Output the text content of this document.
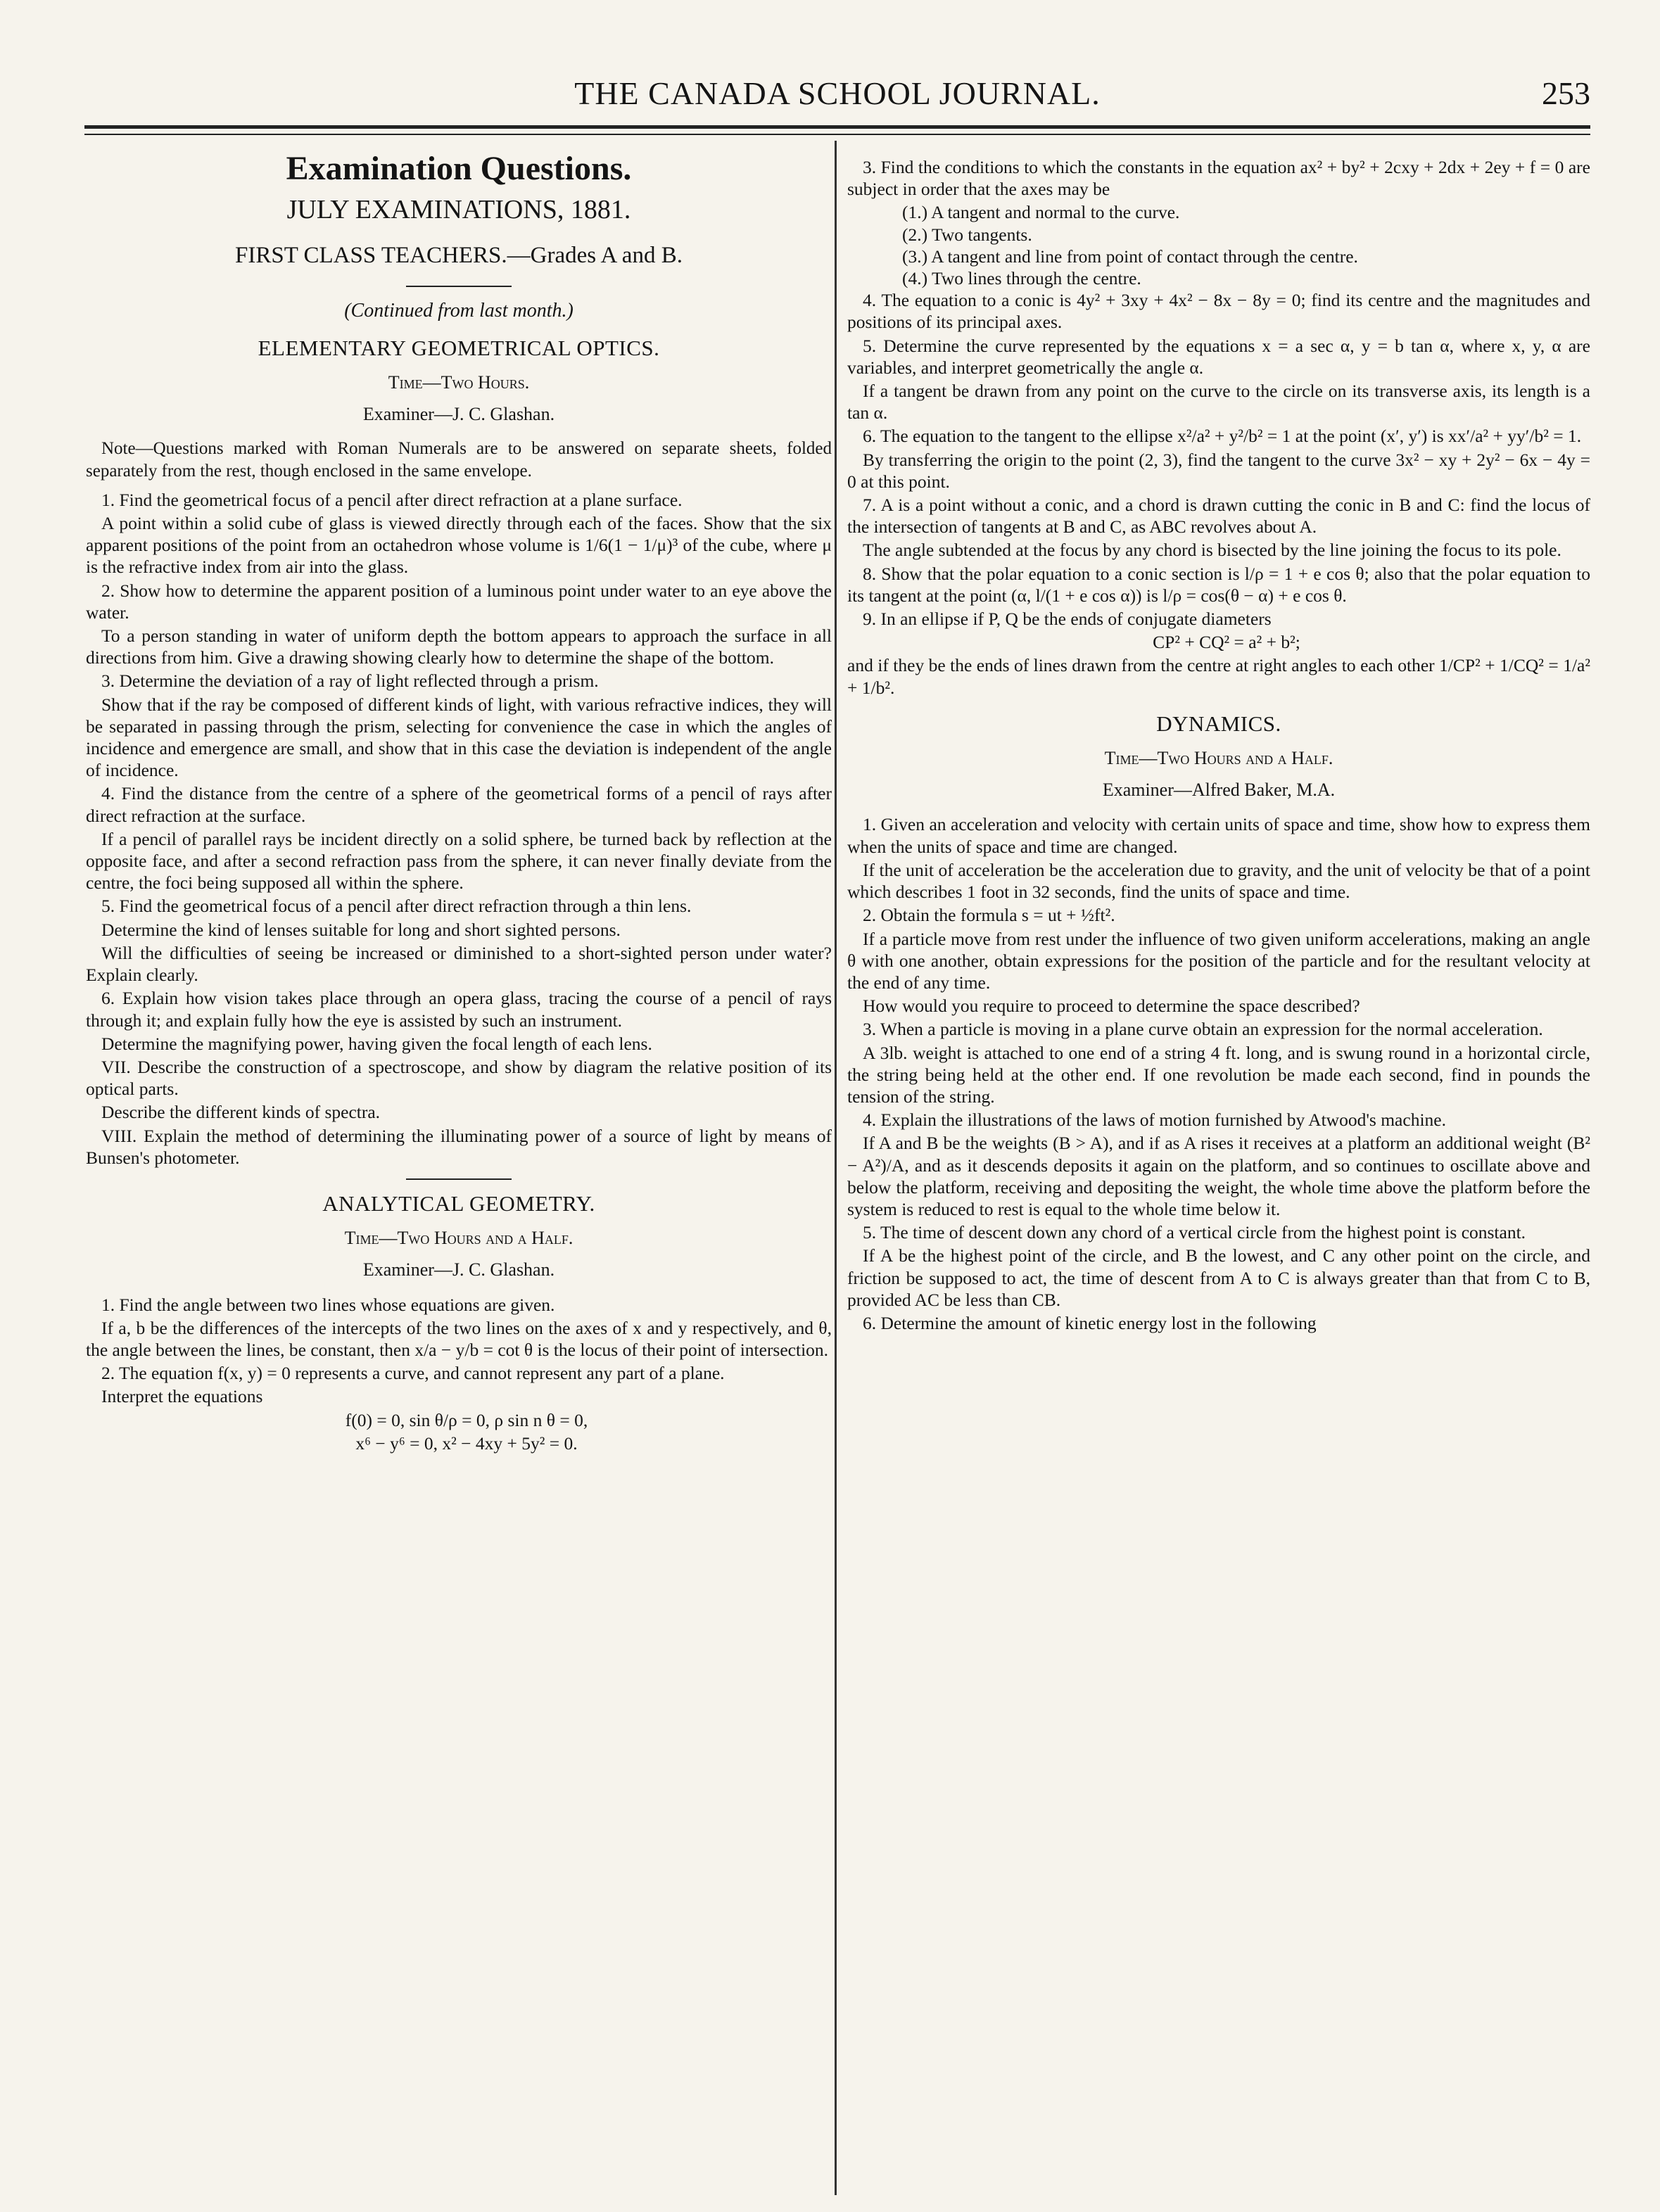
THE CANADA SCHOOL JOURNAL.	253
Examination Questions.
JULY EXAMINATIONS, 1881.
FIRST CLASS TEACHERS.—Grades A and B.
(Continued from last month.)
ELEMENTARY GEOMETRICAL OPTICS.
Time—Two Hours.
Examiner—J. C. Glashan.

Note—Questions marked with Roman Numerals are to be answered on separate sheets, folded separately from the rest, though enclosed in the same envelope.

1. Find the geometrical focus of a pencil after direct refraction at a plane surface.

A point within a solid cube of glass is viewed directly through each of the faces. Show that the six apparent positions of the point from an octahedron whose volume is 1/6(1 − 1/μ)³ of the cube, where μ is the refractive index from air into the glass.

2. Show how to determine the apparent position of a luminous point under water to an eye above the water.

To a person standing in water of uniform depth the bottom appears to approach the surface in all directions from him. Give a drawing showing clearly how to determine the shape of the bottom.

3. Determine the deviation of a ray of light reflected through a prism.

Show that if the ray be composed of different kinds of light, with various refractive indices, they will be separated in passing through the prism, selecting for convenience the case in which the angles of incidence and emergence are small, and show that in this case the deviation is independent of the angle of incidence.

4. Find the distance from the centre of a sphere of the geometrical forms of a pencil of rays after direct refraction at the surface.

If a pencil of parallel rays be incident directly on a solid sphere, be turned back by reflection at the opposite face, and after a second refraction pass from the sphere, it can never finally deviate from the centre, the foci being supposed all within the sphere.

5. Find the geometrical focus of a pencil after direct refraction through a thin lens.

Determine the kind of lenses suitable for long and short sighted persons.

Will the difficulties of seeing be increased or diminished to a short-sighted person under water? Explain clearly.

6. Explain how vision takes place through an opera glass, tracing the course of a pencil of rays through it; and explain fully how the eye is assisted by such an instrument.

Determine the magnifying power, having given the focal length of each lens.

VII. Describe the construction of a spectroscope, and show by diagram the relative position of its optical parts.

Describe the different kinds of spectra.

VIII. Explain the method of determining the illuminating power of a source of light by means of Bunsen's photometer.

ANALYTICAL GEOMETRY.
Time—Two Hours and a Half.
Examiner—J. C. Glashan.

1. Find the angle between two lines whose equations are given.

If a, b be the differences of the intercepts of the two lines on the axes of x and y respectively, and θ, the angle between the lines, be constant, then x/a − y/b = cot θ is the locus of their point of intersection.

2. The equation f(x, y) = 0 represents a curve, and cannot represent any part of a plane.

Interpret the equations

f(0) = 0, sin θ/ρ = 0, ρ sin n θ = 0,

x⁶ − y⁶ = 0, x² − 4xy + 5y² = 0.

3. Find the conditions to which the constants in the equation ax² + by² + 2cxy + 2dx + 2ey + f = 0 are subject in order that the axes may be

(1.) A tangent and normal to the curve.
(2.) Two tangents.
(3.) A tangent and line from point of contact through the centre.
(4.) Two lines through the centre.

4. The equation to a conic is 4y² + 3xy + 4x² − 8x − 8y = 0; find its centre and the magnitudes and positions of its principal axes.

5. Determine the curve represented by the equations x = a sec α, y = b tan α, where x, y, α are variables, and interpret geometrically the angle α.

If a tangent be drawn from any point on the curve to the circle on its transverse axis, its length is a tan α.

6. The equation to the tangent to the ellipse x²/a² + y²/b² = 1 at the point (x′, y′) is xx′/a² + yy′/b² = 1.

By transferring the origin to the point (2, 3), find the tangent to the curve 3x² − xy + 2y² − 6x − 4y = 0 at this point.

7. A is a point without a conic, and a chord is drawn cutting the conic in B and C: find the locus of the intersection of tangents at B and C, as ABC revolves about A.

The angle subtended at the focus by any chord is bisected by the line joining the focus to its pole.

8. Show that the polar equation to a conic section is l/ρ = 1 + e cos θ; also that the polar equation to its tangent at the point (α, l/(1 + e cos α)) is l/ρ = cos(θ − α) + e cos θ.

9. In an ellipse if P, Q be the ends of conjugate diameters

CP² + CQ² = a² + b²;

and if they be the ends of lines drawn from the centre at right angles to each other 1/CP² + 1/CQ² = 1/a² + 1/b².

DYNAMICS.
Time—Two Hours and a Half.
Examiner—Alfred Baker, M.A.

1. Given an acceleration and velocity with certain units of space and time, show how to express them when the units of space and time are changed.

If the unit of acceleration be the acceleration due to gravity, and the unit of velocity be that of a point which describes 1 foot in 32 seconds, find the units of space and time.

2. Obtain the formula s = ut + ½ft².

If a particle move from rest under the influence of two given uniform accelerations, making an angle θ with one another, obtain expressions for the position of the particle and for the resultant velocity at the end of any time.

How would you require to proceed to determine the space described?

3. When a particle is moving in a plane curve obtain an expression for the normal acceleration.

A 3lb. weight is attached to one end of a string 4 ft. long, and is swung round in a horizontal circle, the string being held at the other end. If one revolution be made each second, find in pounds the tension of the string.

4. Explain the illustrations of the laws of motion furnished by Atwood's machine.

If A and B be the weights (B > A), and if as A rises it receives at a platform an additional weight (B² − A²)/A, and as it descends deposits it again on the platform, and so continues to oscillate above and below the platform, receiving and depositing the weight, the whole time above the platform before the system is reduced to rest is equal to the whole time below it.

5. The time of descent down any chord of a vertical circle from the highest point is constant.

If A be the highest point of the circle, and B the lowest, and C any other point on the circle, and friction be supposed to act, the time of descent from A to C is always greater than that from C to B, provided AC be less than CB.

6. Determine the amount of kinetic energy lost in the following
